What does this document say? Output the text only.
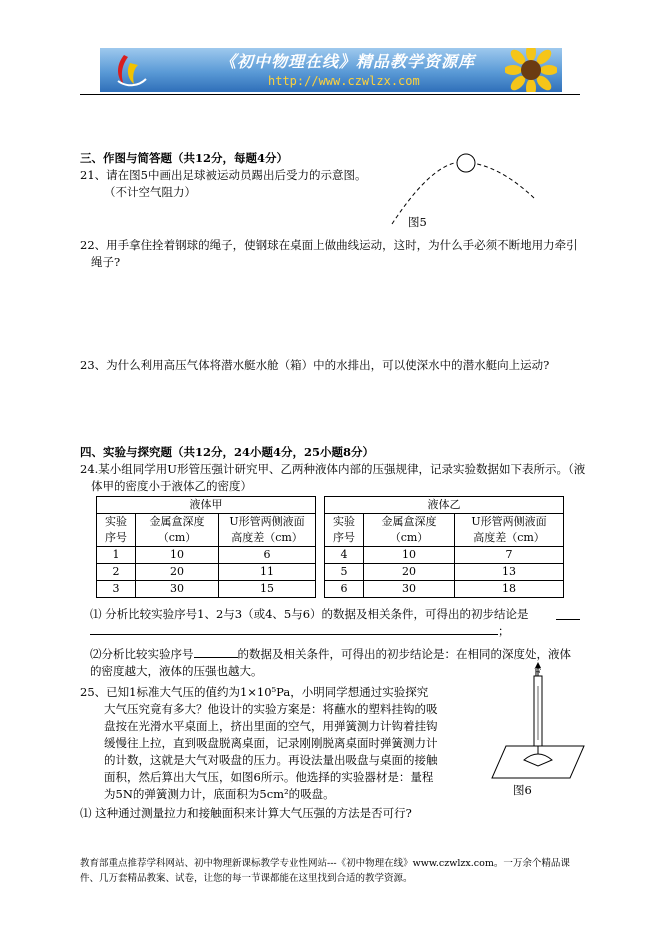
《初中物理在线》精品教学资源库
http://www.czwlzx.com
三、作图与简答题（共12分，每题4分）
21、请在图5中画出足球被运动员踢出后受力的示意图。
（不计空气阻力）
图5
22、用手拿住拴着钢球的绳子，使钢球在桌面上做曲线运动，这时，为什么手必须不断地用力牵引
绳子?
23、为什么利用高压气体将潜水艇水舱（箱）中的水排出，可以使深水中的潜水艇向上运动?
四、实验与探究题（共12分，24小题4分，25小题8分）
24.某小组同学用U形管压强计研究甲、乙两种液体内部的压强规律，记录实验数据如下表所示。（液
体甲的密度小于液体乙的密度）
液体甲		
实验
序号	金属盒深度
（cm）	U形管两侧液面
高度差（cm）
1	10	6
2	20	11
3	30	15
液体乙		
实验
序号	金属盒深度
（cm）	U形管两侧液面
高度差（cm）
4	10	7
5	20	13
6	30	18
⑴ 分析比较实验序号1、2与3（或4、5与6）的数据及相关条件，可得出的初步结论是
；
⑵分析比较实验序号	的数据及相关条件，可得出的初步结论是：在相同的深度处，液体
的密度越大，液体的压强也越大。
25、已知1标准大气压的值约为1×10⁵Pa，小明同学想通过实验探究
大气压究竟有多大？他设计的实验方案是：将蘸水的塑料挂钩的吸
盘按在光滑水平桌面上，挤出里面的空气，用弹簧测力计钩着挂钩
缓慢往上拉，直到吸盘脱离桌面，记录刚刚脱离桌面时弹簧测力计
的计数，这就是大气对吸盘的压力。再设法量出吸盘与桌面的接触
面积，然后算出大气压，如图6所示。他选择的实验器材是：量程
为5N的弹簧测力计，底面积为5cm²的吸盘。
F
图6
⑴ 这种通过测量拉力和接触面积来计算大气压强的方法是否可行?
教育部重点推荐学科网站、初中物理新课标教学专业性网站---《初中物理在线》www.czwlzx.com。一万余个精品课
件、几万套精品教案、试卷，让您的每一节课都能在这里找到合适的教学资源。
